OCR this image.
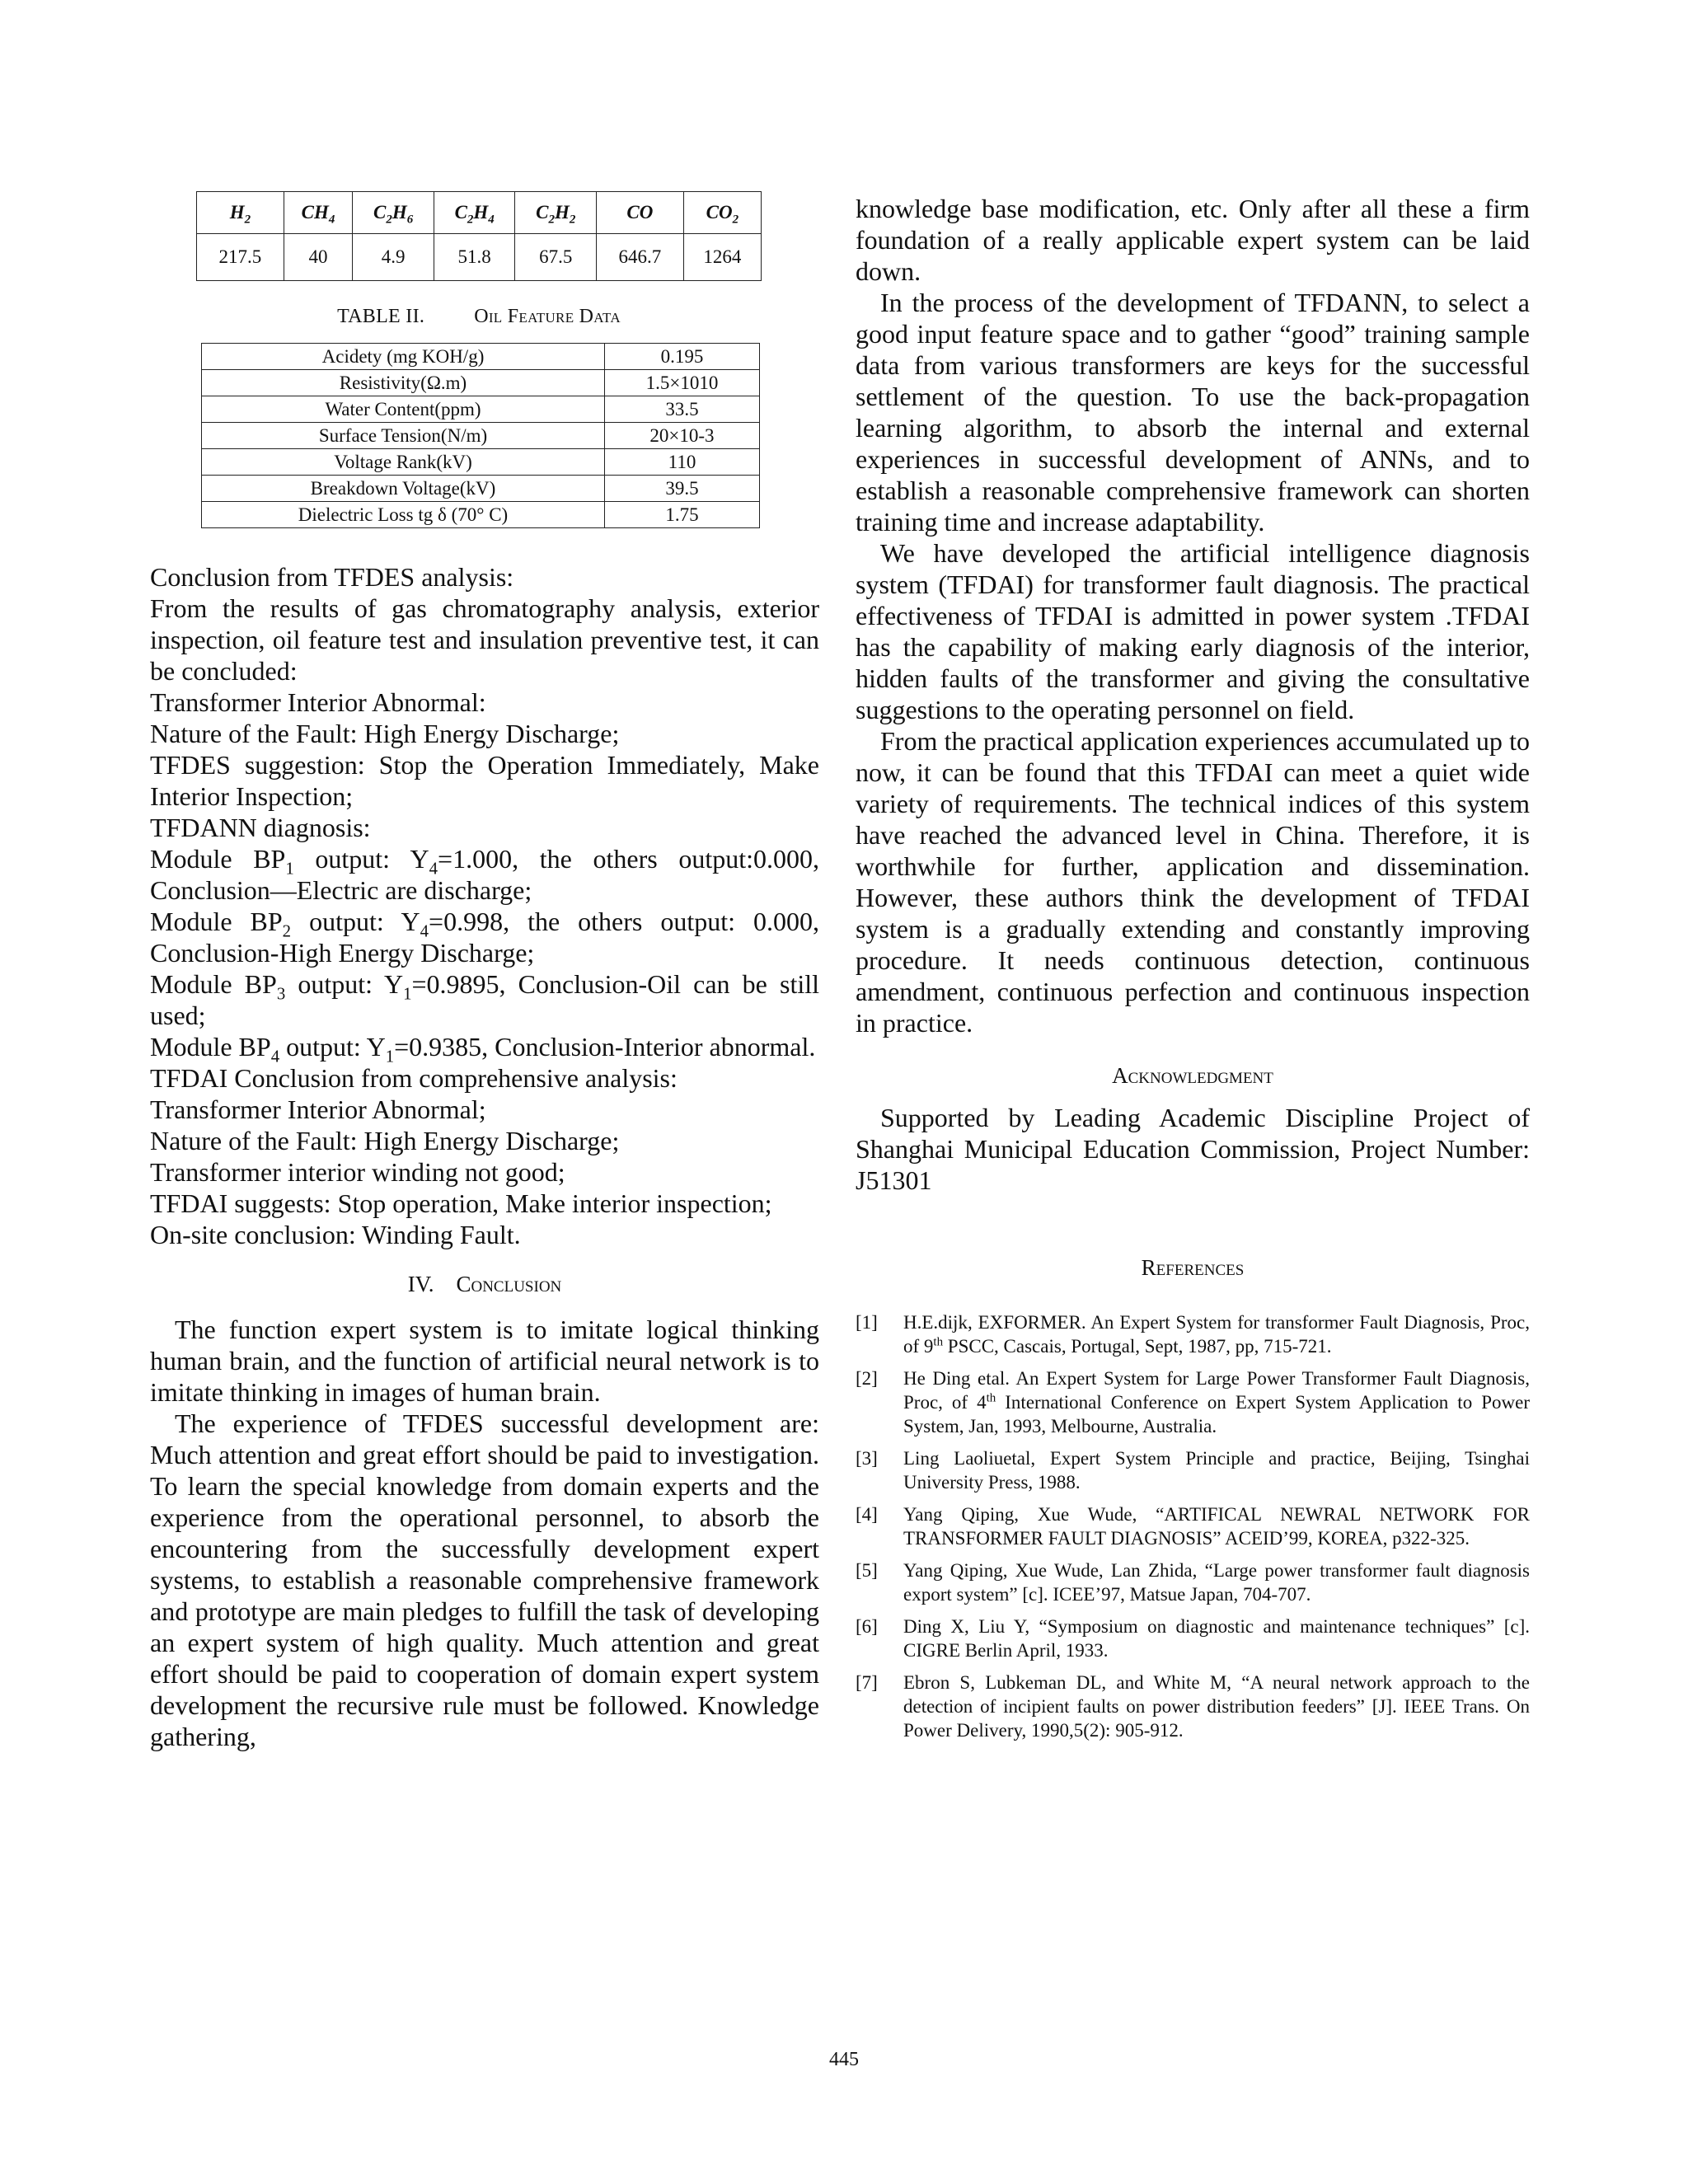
$H_2$	$CH_4$	$C_2H_6$	$C_2H_4$	$C_2H_2$	CO	$CO_2$
217.5	40	4.9	51.8	67.5	646.7	1264
TABLE II.	Oil Feature Data
Acidety (mg KOH/g)	0.195
Resistivity(Ω.m)	1.5×1010
Water Content(ppm)	33.5
Surface Tension(N/m)	20×10-3
Voltage Rank(kV)	110
Breakdown Voltage(kV)	39.5
Dielectric Loss tg δ (70° C)	1.75
Conclusion from TFDES analysis:
From the results of gas chromatography analysis, exterior inspection, oil feature test and insulation preventive test, it can be concluded:
Transformer Interior Abnormal:
Nature of the Fault: High Energy Discharge;
TFDES suggestion: Stop the Operation Immediately, Make Interior Inspection;
TFDANN diagnosis:
Module $BP_1$ output: $Y_4=1.000$, the others output:0.000, Conclusion—Electric are discharge;
Module $BP_2$ output: $Y_4=0.998$, the others output: 0.000, Conclusion-High Energy Discharge;
Module $BP_3$ output: $Y_1=0.9895$, Conclusion-Oil can be still used;
Module $BP_4$ output: $Y_1=0.9385$, Conclusion-Interior abnormal.
TFDAI Conclusion from comprehensive analysis:
Transformer Interior Abnormal;
Nature of the Fault: High Energy Discharge;
Transformer interior winding not good;
TFDAI suggests: Stop operation, Make interior inspection;
On-site conclusion: Winding Fault.
IV.    Conclusion

The function expert system is to imitate logical thinking human brain, and the function of artificial neural network is to imitate thinking in images of human brain.

The experience of TFDES successful development are: Much attention and great effort should be paid to investigation. To learn the special knowledge from domain experts and the experience from the operational personnel, to absorb the encountering from the successfully development expert systems, to establish a reasonable comprehensive framework and prototype are main pledges to fulfill the task of developing an expert system of high quality. Much attention and great effort should be paid to cooperation of domain expert system development the recursive rule must be followed. Knowledge gathering,

knowledge base modification, etc. Only after all these a firm foundation of a really applicable expert system can be laid down.

In the process of the development of TFDANN, to select a good input feature space and to gather “good” training sample data from various transformers are keys for the successful settlement of the question. To use the back-propagation learning algorithm, to absorb the internal and external experiences in successful development of ANNs, and to establish a reasonable comprehensive framework can shorten training time and increase adaptability.

We have developed the artificial intelligence diagnosis system (TFDAI) for transformer fault diagnosis. The practical effectiveness of TFDAI is admitted in power system .TFDAI has the capability of making early diagnosis of the interior, hidden faults of the transformer and giving the consultative suggestions to the operating personnel on field.

From the practical application experiences accumulated up to now, it can be found that this TFDAI can meet a quiet wide variety of requirements. The technical indices of this system have reached the advanced level in China. Therefore, it is worthwhile for further, application and dissemination. However, these authors think the development of TFDAI system is a gradually extending and constantly improving procedure. It needs continuous detection, continuous amendment, continuous perfection and continuous inspection in practice.

Acknowledgment

Supported by Leading Academic Discipline Project of Shanghai Municipal Education Commission, Project Number: J51301

References
[1]	H.E.dijk, EXFORMER. An Expert System for transformer Fault Diagnosis, Proc, of 9th PSCC, Cascais, Portugal, Sept, 1987, pp, 715-721.
[2]	He Ding etal. An Expert System for Large Power Transformer Fault Diagnosis, Proc, of 4th International Conference on Expert System Application to Power System, Jan, 1993, Melbourne, Australia.
[3]	Ling Laoliuetal, Expert System Principle and practice, Beijing, Tsinghai University Press, 1988.
[4]	Yang Qiping, Xue Wude, “ARTIFICAL NEWRAL NETWORK FOR TRANSFORMER FAULT DIAGNOSIS” ACEID’99, KOREA, p322-325.
[5]	Yang Qiping, Xue Wude, Lan Zhida, “Large power transformer fault diagnosis export system” [c]. ICEE’97, Matsue Japan, 704-707.
[6]	Ding X, Liu Y, “Symposium on diagnostic and maintenance techniques” [c]. CIGRE Berlin April, 1933.
[7]	Ebron S, Lubkeman DL, and White M, “A neural network approach to the detection of incipient faults on power distribution feeders” [J]. IEEE Trans. On Power Delivery, 1990,5(2): 905-912.
445
